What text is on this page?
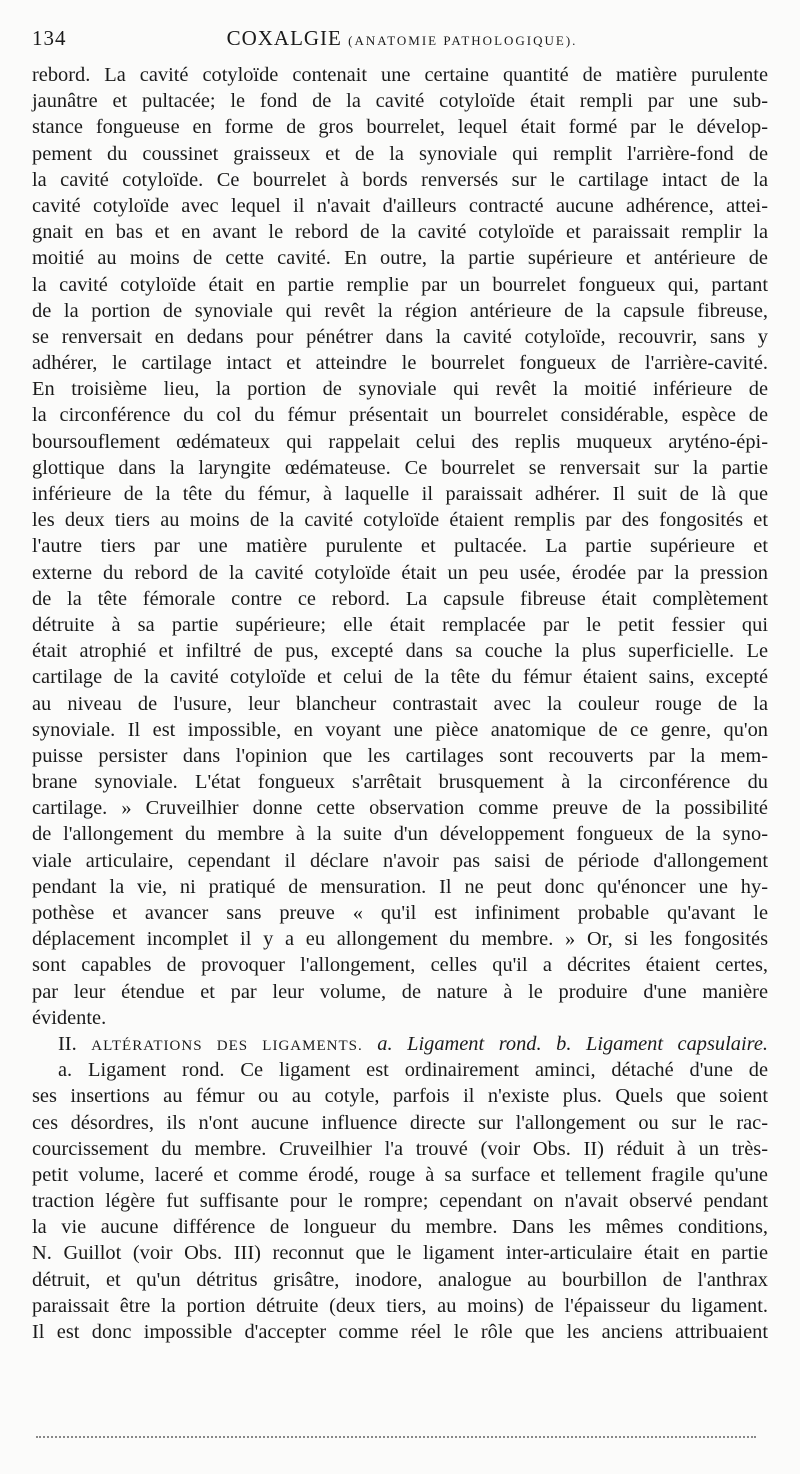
134	COXALGIE (ANATOMIE PATHOLOGIQUE).
rebord. La cavité cotyloïde contenait une certaine quantité de matière purulente
jaunâtre et pultacée; le fond de la cavité cotyloïde était rempli par une sub-
stance fongueuse en forme de gros bourrelet, lequel était formé par le dévelop-
pement du coussinet graisseux et de la synoviale qui remplit l'arrière-fond de
la cavité cotyloïde. Ce bourrelet à bords renversés sur le cartilage intact de la
cavité cotyloïde avec lequel il n'avait d'ailleurs contracté aucune adhérence, attei-
gnait en bas et en avant le rebord de la cavité cotyloïde et paraissait remplir la
moitié au moins de cette cavité. En outre, la partie supérieure et antérieure de
la cavité cotyloïde était en partie remplie par un bourrelet fongueux qui, partant
de la portion de synoviale qui revêt la région antérieure de la capsule fibreuse,
se renversait en dedans pour pénétrer dans la cavité cotyloïde, recouvrir, sans y
adhérer, le cartilage intact et atteindre le bourrelet fongueux de l'arrière-cavité.
En troisième lieu, la portion de synoviale qui revêt la moitié inférieure de
la circonférence du col du fémur présentait un bourrelet considérable, espèce de
boursouflement œdémateux qui rappelait celui des replis muqueux aryténo-épi-
glottique dans la laryngite œdémateuse. Ce bourrelet se renversait sur la partie
inférieure de la tête du fémur, à laquelle il paraissait adhérer. Il suit de là que
les deux tiers au moins de la cavité cotyloïde étaient remplis par des fongosités et
l'autre tiers par une matière purulente et pultacée. La partie supérieure et
externe du rebord de la cavité cotyloïde était un peu usée, érodée par la pression
de la tête fémorale contre ce rebord. La capsule fibreuse était complètement
détruite à sa partie supérieure; elle était remplacée par le petit fessier qui
était atrophié et infiltré de pus, excepté dans sa couche la plus superficielle. Le
cartilage de la cavité cotyloïde et celui de la tête du fémur étaient sains, excepté
au niveau de l'usure, leur blancheur contrastait avec la couleur rouge de la
synoviale. Il est impossible, en voyant une pièce anatomique de ce genre, qu'on
puisse persister dans l'opinion que les cartilages sont recouverts par la mem-
brane synoviale. L'état fongueux s'arrêtait brusquement à la circonférence du
cartilage. » Cruveilhier donne cette observation comme preuve de la possibilité
de l'allongement du membre à la suite d'un développement fongueux de la syno-
viale articulaire, cependant il déclare n'avoir pas saisi de période d'allongement
pendant la vie, ni pratiqué de mensuration. Il ne peut donc qu'énoncer une hy-
pothèse et avancer sans preuve « qu'il est infiniment probable qu'avant le
déplacement incomplet il y a eu allongement du membre. » Or, si les fongosités
sont capables de provoquer l'allongement, celles qu'il a décrites étaient certes,
par leur étendue et par leur volume, de nature à le produire d'une manière
évidente.
II. ALTÉRATIONS DES LIGAMENTS. a. Ligament rond. b. Ligament capsulaire.
a. Ligament rond. Ce ligament est ordinairement aminci, détaché d'une de
ses insertions au fémur ou au cotyle, parfois il n'existe plus. Quels que soient
ces désordres, ils n'ont aucune influence directe sur l'allongement ou sur le rac-
courcissement du membre. Cruveilhier l'a trouvé (voir Obs. II) réduit à un très-
petit volume, laceré et comme érodé, rouge à sa surface et tellement fragile qu'une
traction légère fut suffisante pour le rompre; cependant on n'avait observé pendant
la vie aucune différence de longueur du membre. Dans les mêmes conditions,
N. Guillot (voir Obs. III) reconnut que le ligament inter-articulaire était en partie
détruit, et qu'un détritus grisâtre, inodore, analogue au bourbillon de l'anthrax
paraissait être la portion détruite (deux tiers, au moins) de l'épaisseur du ligament.
Il est donc impossible d'accepter comme réel le rôle que les anciens attribuaient
